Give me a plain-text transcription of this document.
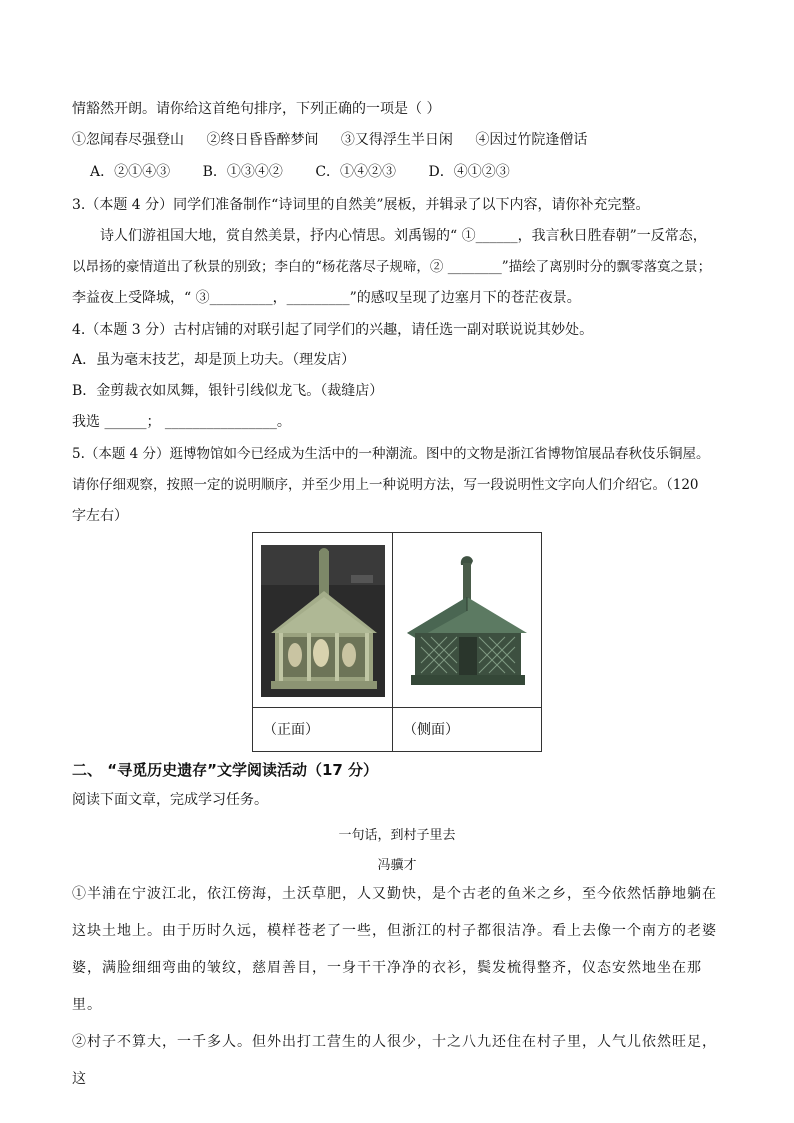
情豁然开朗。请你给这首绝句排序，下列正确的一项是（ ）
①忽闻春尽强登山 ②终日昏昏醉梦间 ③又得浮生半日闲 ④因过竹院逢僧话
A．②①④③ B．①③④② C．①④②③ D．④①②③
3.（本题 4 分）同学们准备制作“诗词里的自然美”展板，并辑录了以下内容，请你补充完整。
诗人们游祖国大地，赏自然美景，抒内心情思。刘禹锡的“ ①______，我言秋日胜春朝”一反常态，
以昂扬的豪情道出了秋景的别致；李白的“杨花落尽子规啼，② ________”描绘了离别时分的飘零落寞之景；
李益夜上受降城，“ ③_________，_________”的感叹呈现了边塞月下的苍茫夜景。
4.（本题 3 分）古村店铺的对联引起了同学们的兴趣，请任选一副对联说说其妙处。
A．虽为毫末技艺，却是顶上功夫。（理发店）
B．金剪裁衣如凤舞，银针引线似龙飞。（裁缝店）
我选 ______； ________________。
5.（本题 4 分）逛博物馆如今已经成为生活中的一种潮流。图中的文物是浙江省博物馆展品春秋伎乐铜屋。
请你仔细观察，按照一定的说明顺序，并至少用上一种说明方法，写一段说明性文字向人们介绍它。（120
字左右）
（正面）	（侧面）
二、 “寻觅历史遗存”文学阅读活动（17 分）
阅读下面文章，完成学习任务。
一句话，到村子里去
冯骥才

①半浦在宁波江北，依江傍海，土沃草肥，人又勤快，是个古老的鱼米之乡，至今依然恬静地躺在这块土地上。由于历时久远，模样苍老了一些，但浙江的村子都很洁净。看上去像一个南方的老婆婆，满脸细细弯曲的皱纹，慈眉善目，一身干干净净的衣衫，鬓发梳得整齐，仪态安然地坐在那里。

②村子不算大，一千多人。但外出打工营生的人很少，十之八九还住在村子里，人气儿依然旺足，这
